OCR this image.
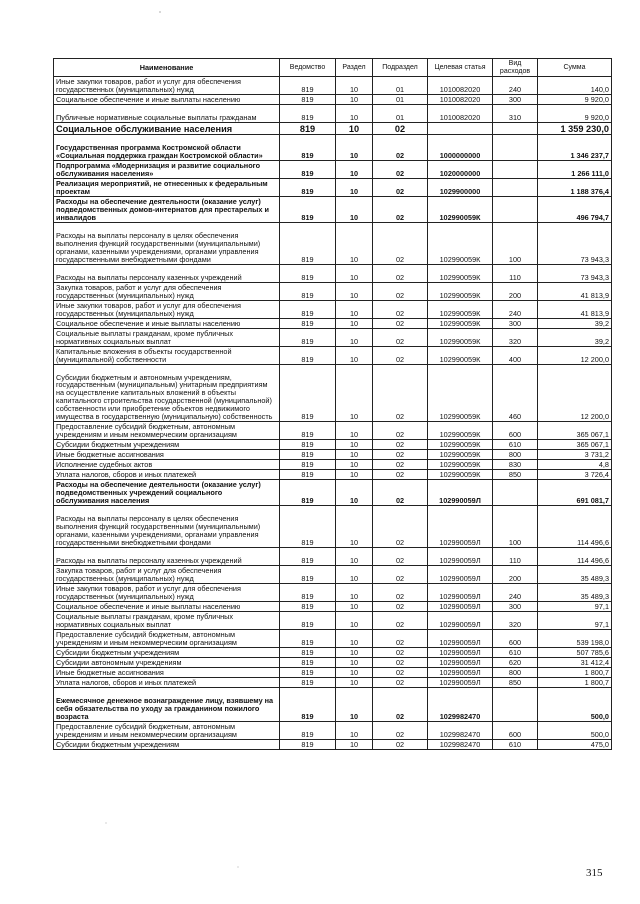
Наименование	Ведомство	Раздел	Подраздел	Целевая статья	Вид расходов	Сумма
Иные закупки товаров, работ и услуг для обеспечения государственных (муниципальных) нужд	819	10	01	1010082020	240	140,0
Социальное обеспечение и иные выплаты населению	819	10	01	1010082020	300	9 920,0
Публичные нормативные социальные выплаты гражданам	819	10	01	1010082020	310	9 920,0
Социальное обслуживание населения	819	10	02			1 359 230,0
Государственная программа Костромской области «Социальная поддержка граждан Костромской области»	819	10	02	1000000000		1 346 237,7
Подпрограмма «Модернизация и развитие социального обслуживания населения»	819	10	02	1020000000		1 266 111,0
Реализация мероприятий, не отнесенных к федеральным проектам	819	10	02	1029900000		1 188 376,4
Расходы на обеспечение деятельности (оказание услуг) подведомственных домов-интернатов для престарелых и инвалидов	819	10	02	102990059К		496 794,7
Расходы на выплаты персоналу в целях обеспечения выполнения функций государственными (муниципальными) органами, казенными учреждениями, органами управления государственными внебюджетными фондами	819	10	02	102990059К	100	73 943,3
Расходы на выплаты персоналу казенных учреждений	819	10	02	102990059К	110	73 943,3
Закупка товаров, работ и услуг для обеспечения государственных (муниципальных) нужд	819	10	02	102990059К	200	41 813,9
Иные закупки товаров, работ и услуг для обеспечения государственных (муниципальных) нужд	819	10	02	102990059К	240	41 813,9
Социальное обеспечение и иные выплаты населению	819	10	02	102990059К	300	39,2
Социальные выплаты гражданам, кроме публичных нормативных социальных выплат	819	10	02	102990059К	320	39,2
Капитальные вложения в объекты государственной (муниципальной) собственности	819	10	02	102990059К	400	12 200,0
Субсидии бюджетным и автономным учреждениям, государственным (муниципальным) унитарным предприятиям на осуществление капитальных вложений в объекты капитального строительства государственной (муниципальной) собственности или приобретение объектов недвижимого имущества в государственную (муниципальную) собственность	819	10	02	102990059К	460	12 200,0
Предоставление субсидий бюджетным, автономным учреждениям и иным некоммерческим организациям	819	10	02	102990059К	600	365 067,1
Субсидии бюджетным учреждениям	819	10	02	102990059К	610	365 067,1
Иные бюджетные ассигнования	819	10	02	102990059К	800	3 731,2
Исполнение судебных актов	819	10	02	102990059К	830	4,8
Уплата налогов, сборов и иных платежей	819	10	02	102990059К	850	3 726,4
Расходы на обеспечение деятельности (оказание услуг) подведомственных учреждений социального обслуживания населения	819	10	02	102990059Л		691 081,7
Расходы на выплаты персоналу в целях обеспечения выполнения функций государственными (муниципальными) органами, казенными учреждениями, органами управления государственными внебюджетными фондами	819	10	02	102990059Л	100	114 496,6
Расходы на выплаты персоналу казенных учреждений	819	10	02	102990059Л	110	114 496,6
Закупка товаров, работ и услуг для обеспечения государственных (муниципальных) нужд	819	10	02	102990059Л	200	35 489,3
Иные закупки товаров, работ и услуг для обеспечения государственных (муниципальных) нужд	819	10	02	102990059Л	240	35 489,3
Социальное обеспечение и иные выплаты населению	819	10	02	102990059Л	300	97,1
Социальные выплаты гражданам, кроме публичных нормативных социальных выплат	819	10	02	102990059Л	320	97,1
Предоставление субсидий бюджетным, автономным учреждениям и иным некоммерческим организациям	819	10	02	102990059Л	600	539 198,0
Субсидии бюджетным учреждениям	819	10	02	102990059Л	610	507 785,6
Субсидии автономным учреждениям	819	10	02	102990059Л	620	31 412,4
Иные бюджетные ассигнования	819	10	02	102990059Л	800	1 800,7
Уплата налогов, сборов и иных платежей	819	10	02	102990059Л	850	1 800,7
Ежемесячное денежное вознаграждение лицу, взявшему на себя обязательства по уходу за гражданином пожилого возраста	819	10	02	1029982470		500,0
Предоставление субсидий бюджетным, автономным учреждениям и иным некоммерческим организациям	819	10	02	1029982470	600	500,0
Субсидии бюджетным учреждениям	819	10	02	1029982470	610	475,0
315
